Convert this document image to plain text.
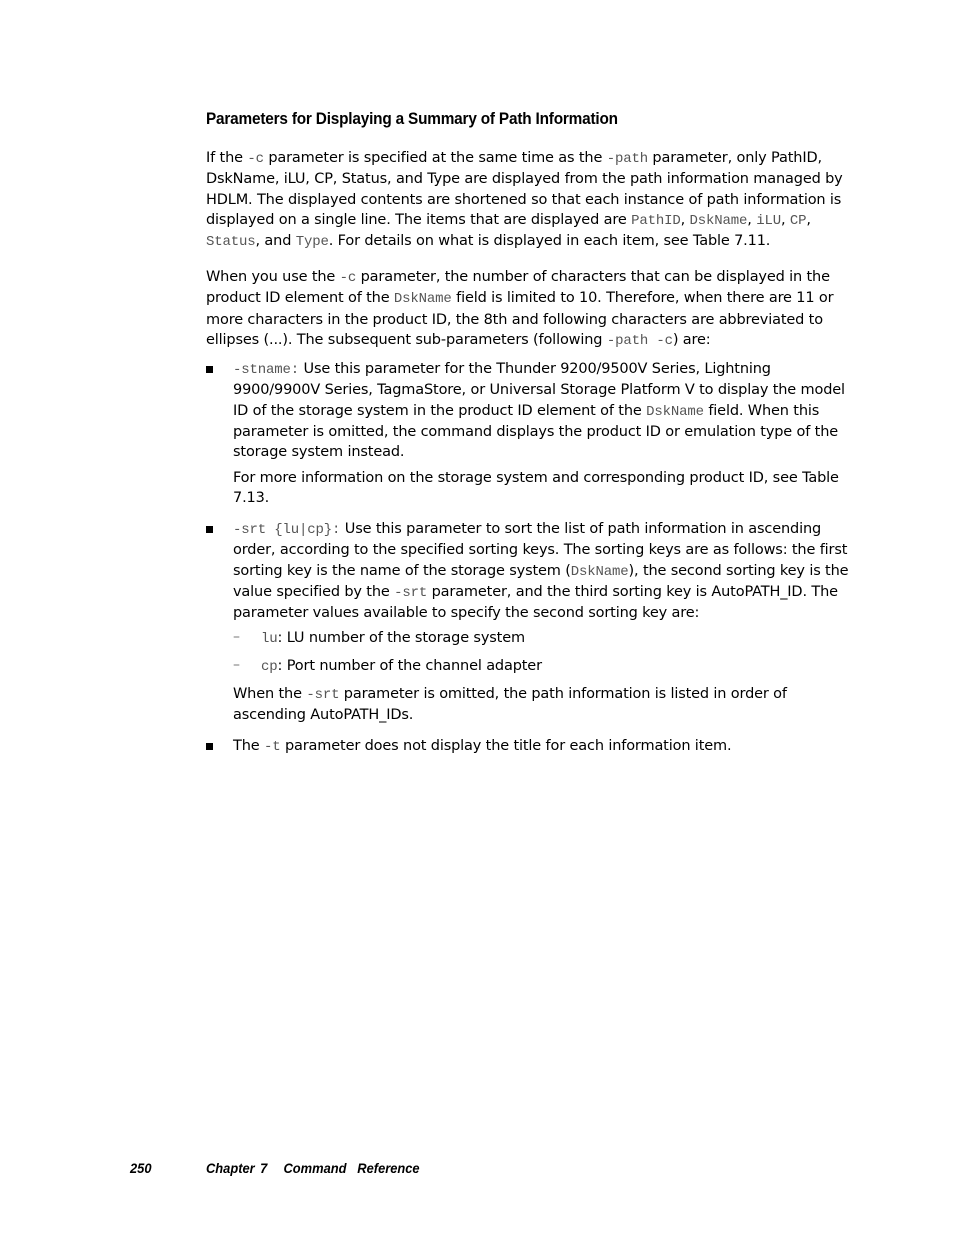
Parameters for Displaying a Summary of Path Information
If the -c parameter is specified at the same time as the -path parameter, only PathID, DskName, iLU, CP, Status, and Type are displayed from the path information managed by HDLM. The displayed contents are shortened so that each instance of path information is displayed on a single line. The items that are displayed are PathID, DskName, iLU, CP, Status, and Type. For details on what is displayed in each item, see Table 7.11.
When you use the -c parameter, the number of characters that can be displayed in the product ID element of the DskName field is limited to 10. Therefore, when there are 11 or more characters in the product ID, the 8th and following characters are abbreviated to ellipses (...). The subsequent sub-parameters (following -path -c) are:
-stname: Use this parameter for the Thunder 9200/9500V Series, Lightning 9900/9900V Series, TagmaStore, or Universal Storage Platform V to display the model ID of the storage system in the product ID element of the DskName field. When this parameter is omitted, the command displays the product ID or emulation type of the storage system instead.
For more information on the storage system and corresponding product ID, see Table 7.13.
-srt {lu|cp}: Use this parameter to sort the list of path information in ascending order, according to the specified sorting keys. The sorting keys are as follows: the first sorting key is the name of the storage system (DskName), the second sorting key is the value specified by the -srt parameter, and the third sorting key is AutoPATH_ID. The parameter values available to specify the second sorting key are:
– lu: LU number of the storage system
– cp: Port number of the channel adapter
When the -srt parameter is omitted, the path information is listed in order of ascending AutoPATH_IDs.
The -t parameter does not display the title for each information item.
250	Chapter 7   Command  Reference
